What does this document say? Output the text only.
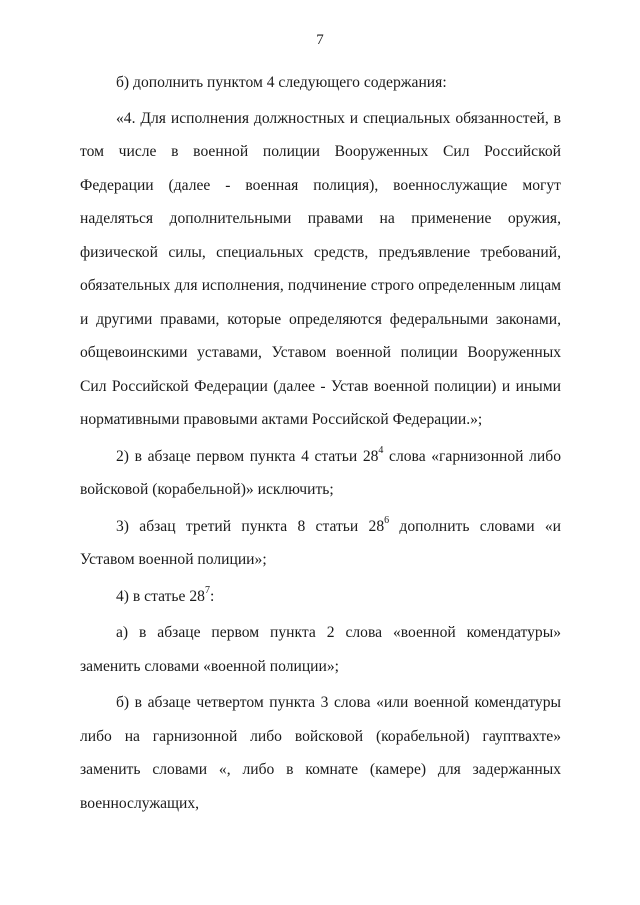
7

б) дополнить пунктом 4 следующего содержания:

«4. Для исполнения должностных и специальных обязанностей, в том числе в военной полиции Вооруженных Сил Российской Федерации (далее - военная полиция), военнослужащие могут наделяться дополнительными правами на применение оружия, физической силы, специальных средств, предъявление требований, обязательных для исполнения, подчинение строго определенным лицам и другими правами, которые определяются федеральными законами, общевоинскими уставами, Уставом военной полиции Вооруженных Сил Российской Федерации (далее - Устав военной полиции) и иными нормативными правовыми актами Российской Федерации.»;

2) в абзаце первом пункта 4 статьи $28^4$ слова «гарнизонной либо войсковой (корабельной)» исключить;

3) абзац третий пункта 8 статьи $28^6$ дополнить словами «и Уставом военной полиции»;

4) в статье $28^7$:

а) в абзаце первом пункта 2 слова «военной комендатуры» заменить словами «военной полиции»;

б) в абзаце четвертом пункта 3 слова «или военной комендатуры либо на гарнизонной либо войсковой (корабельной) гауптвахте» заменить словами «, либо в комнате (камере) для задержанных военнослужащих,
